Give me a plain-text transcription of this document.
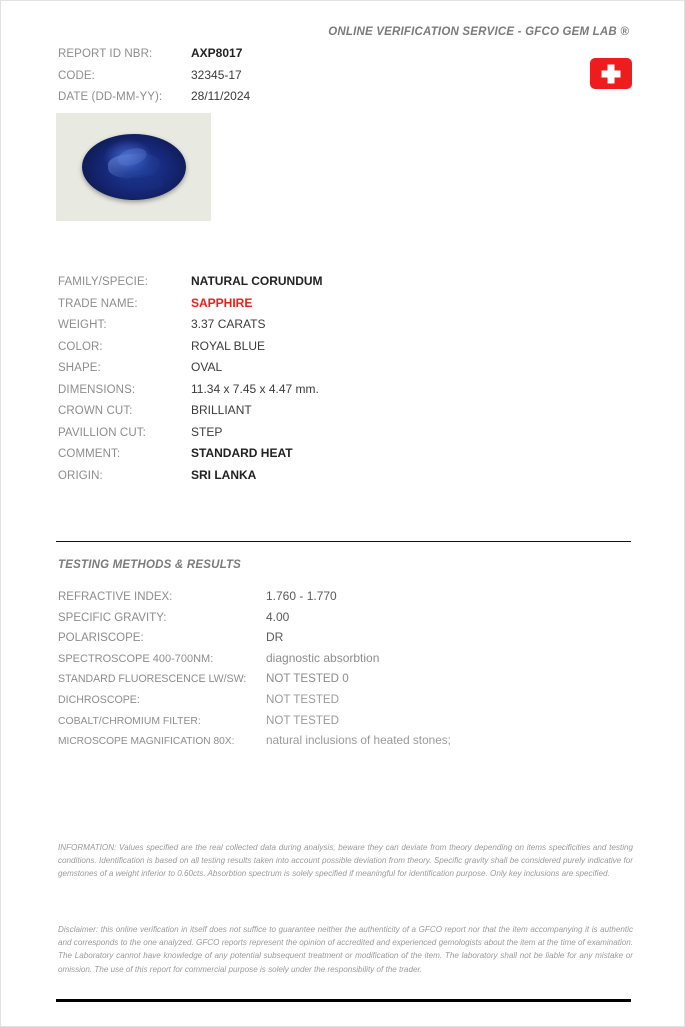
ONLINE VERIFICATION SERVICE - GFCO GEM LAB ®
REPORT ID NBR:	AXP8017
CODE:	32345-17
DATE (DD-MM-YY):	28/11/2024
FAMILY/SPECIE:	NATURAL CORUNDUM
TRADE NAME:	SAPPHIRE
WEIGHT:	3.37 CARATS
COLOR:	ROYAL BLUE
SHAPE:	OVAL
DIMENSIONS:	11.34 x 7.45 x 4.47 mm.
CROWN CUT:	BRILLIANT
PAVILLION CUT:	STEP
COMMENT:	STANDARD HEAT
ORIGIN:	SRI LANKA
TESTING METHODS & RESULTS
REFRACTIVE INDEX:	1.760 - 1.770
SPECIFIC GRAVITY:	4.00
POLARISCOPE:	DR
SPECTROSCOPE 400-700NM:	diagnostic absorbtion
STANDARD FLUORESCENCE LW/SW:	NOT TESTED 0
DICHROSCOPE:	NOT TESTED
COBALT/CHROMIUM FILTER:	NOT TESTED
MICROSCOPE MAGNIFICATION 80X:	natural inclusions of heated stones;
INFORMATION: Values specified are the real collected data during analysis, beware they can deviate from theory depending on items specificities and testing conditions. Identification is based on all testing results taken into account possible deviation from theory. Specific gravity shall be considered purely indicative for gemstones of a weight inferior to 0.60cts. Absorbtion spectrum is solely specified if meaningful for identification purpose. Only key inclusions are specified.
Disclaimer: this online verification in itself does not suffice to guarantee neither the authenticity of a GFCO report nor that the item accompanying it is authentic and corresponds to the one analyzed. GFCO reports represent the opinion of accredited and experienced gemologists about the item at the time of examination. The Laboratory cannot have knowledge of any potential subsequent treatment or modification of the item. The laboratory shall not be liable for any mistake or omission. The use of this report for commercial purpose is solely under the responsibility of the trader.
